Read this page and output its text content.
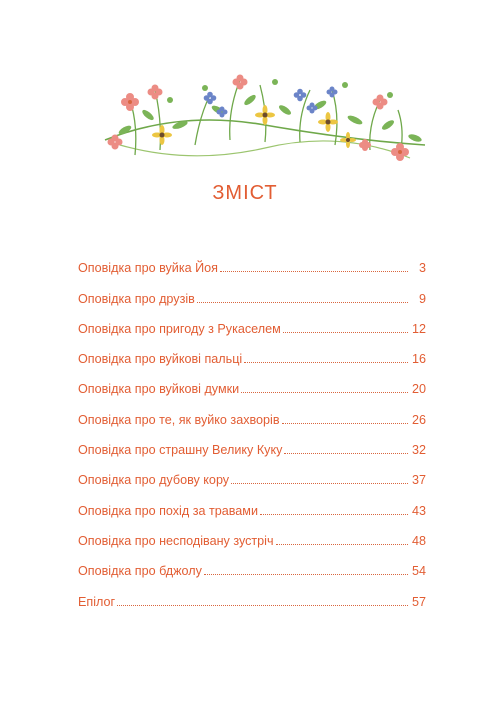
ЗМІСТ
Оповідка про вуйка Йоя	3
Оповідка про друзів	9
Оповідка про пригоду з Рукаселем	12
Оповідка про вуйкові пальці	16
Оповідка про вуйкові думки	20
Оповідка про те, як вуйко захворів	26
Оповідка про страшну Велику Куку	32
Оповідка про дубову кору	37
Оповідка про похід за травами	43
Оповідка про несподівану зустріч	48
Оповідка про бджолу	54
Епілог	57
